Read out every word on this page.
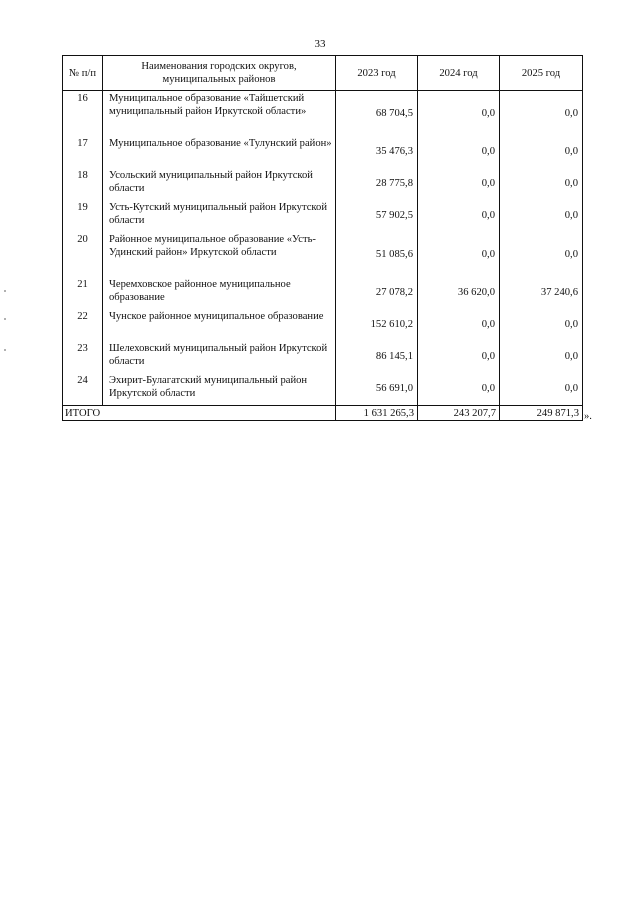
33
№ п/п	Наименования городских округов, муниципальных районов	2023 год	2024 год	2025 год
16	Муниципальное образование «Тайшетский муниципальный район Иркутской области»	68 704,5	0,0	0,0
17	Муниципальное образование «Тулунский район»	35 476,3	0,0	0,0
18	Усольский муниципальный район Иркутской области	28 775,8	0,0	0,0
19	Усть-Кутский муниципальный район Иркутской области	57 902,5	0,0	0,0
20	Районное муниципальное образование «Усть-Удинский район» Иркутской области	51 085,6	0,0	0,0
21	Черемховское районное муниципальное образование	27 078,2	36 620,0	37 240,6
22	Чунское районное муниципальное образование	152 610,2	0,0	0,0
23	Шелеховский муниципальный район Иркутской области	86 145,1	0,0	0,0
24	Эхирит-Булагатский муниципальный район Иркутской области	56 691,0	0,0	0,0
ИТОГО		1 631 265,3	243 207,7	249 871,3 ».
